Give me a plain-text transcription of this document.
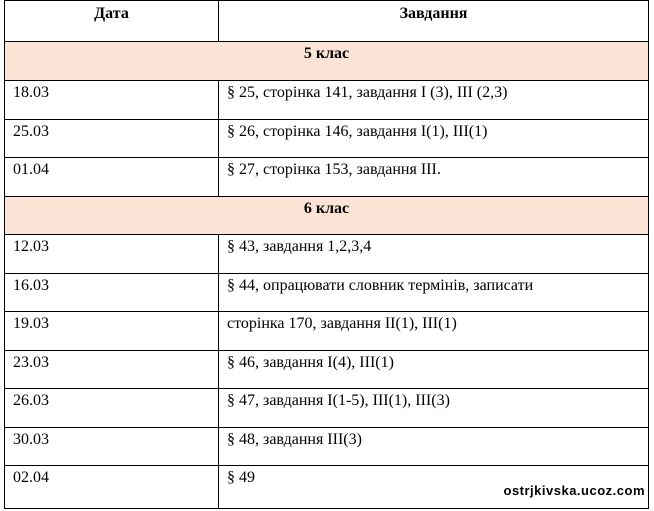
Дата	Завдання
5 клас	
18.03	§ 25, сторінка 141, завдання І (3), ІІІ (2,3)
25.03	§ 26, сторінка 146, завдання І(1), ІІІ(1)
01.04	§ 27, сторінка 153, завдання ІІІ.
6 клас	
12.03	§ 43, завдання 1,2,3,4
16.03	§ 44, опрацювати словник термінів, записати
19.03	сторінка 170, завдання ІІ(1), ІІІ(1)
23.03	§ 46, завдання І(4), ІІІ(1)
26.03	§ 47, завдання І(1-5), ІІІ(1), ІІІ(3)
30.03	§ 48, завдання ІІІ(3)
02.04	§ 49
ostrjkivska.ucoz.com
